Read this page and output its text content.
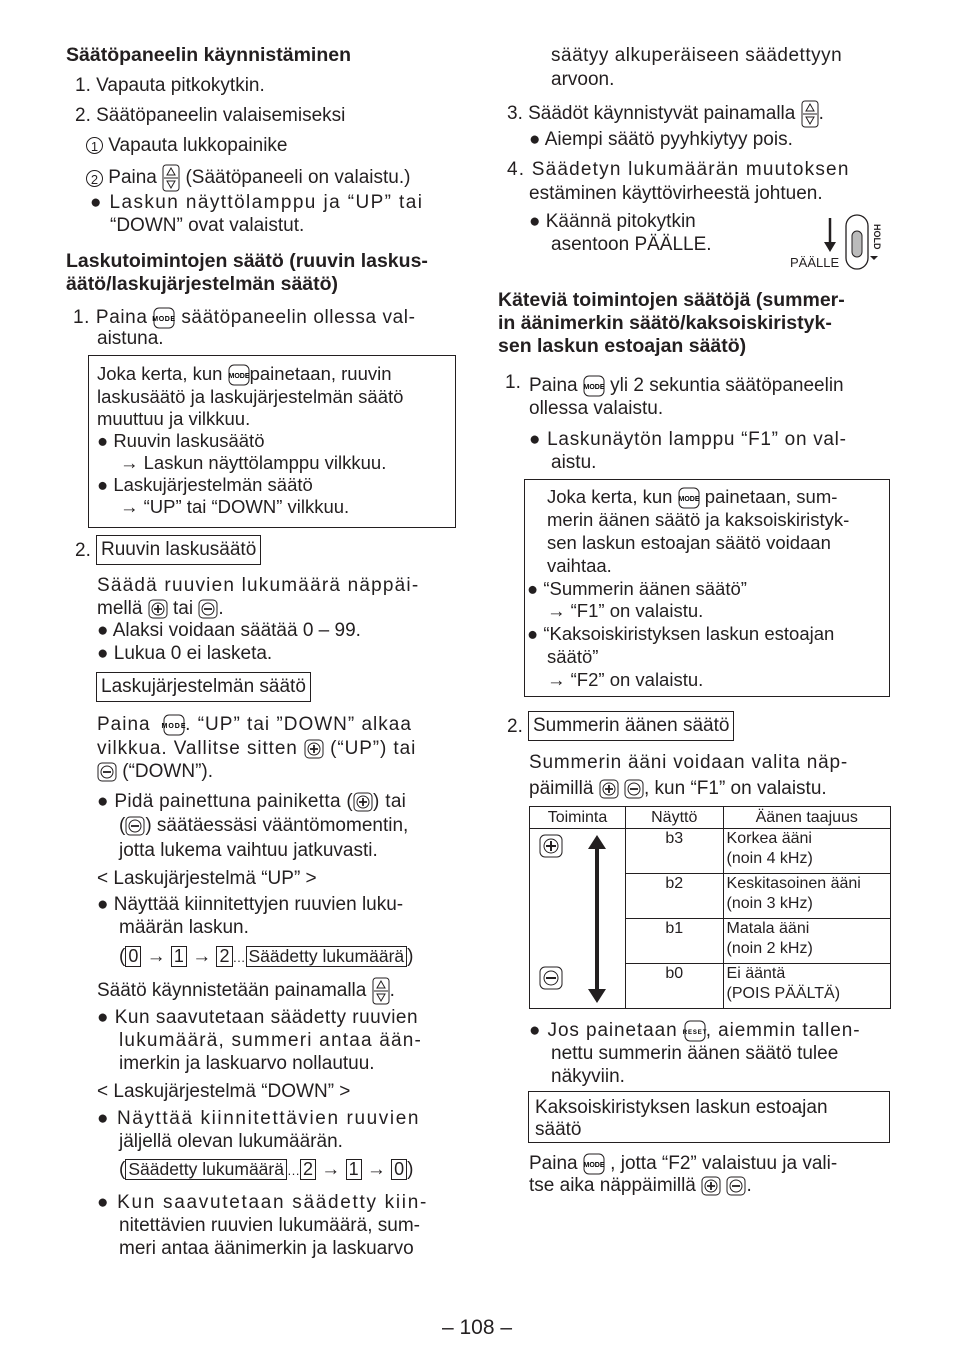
Säätöpaneelin käynnistäminen
1. Vapauta pitkokytkin.
2. Säätöpaneelin valaisemiseksi
1 Vapauta lukkopainike
2 Paina (Säätöpaneeli on valaistu.)
● Laskun näyttölamppu ja “UP” tai
“DOWN” ovat valaistut.
Laskutoimintojen säätö (ruuvin laskus-
äätö/laskujärjestelmän säätö)
1. Paina MODE säätöpaneelin ollessa val-
aistuna.
Joka kerta, kun MODE painetaan, ruuvin
laskusäätö ja laskujärjestelmän säätö
muuttuu ja vilkkuu.
● Ruuvin laskusäätö
→ Laskun näyttölamppu vilkkuu.
● Laskujärjestelmän säätö
→ “UP” tai “DOWN” vilkkuu.
2. Ruuvin laskusäätö
Säädä ruuvien lukumäärä näppäi-
mellä tai .
● Alaksi voidaan säätää 0 – 99.
● Lukua 0 ei lasketa.
Laskujärjestelmän säätö
Paina MODE
. “UP” tai ”DOWN” alkaa
vilkkua. Vallitse sitten (“UP”) tai
(“DOWN”).
● Pidä painettuna painiketta ( ) tai
( ) säätäessäsi vääntömomentin,
jotta lukema vaihtuu jatkuvasti.
< Laskujärjestelmä “UP” >
● Näyttää kiinnitettyjen ruuvien luku-
määrän laskun.
( 0 → 1 → 2 … Säädetty lukumäärä )
Säätö käynnistetään painamalla .
● Kun saavutetaan säädetty ruuvien
lukumäärä, summeri antaa ään-
imerkin ja laskuarvo nollautuu.
< Laskujärjestelmä “DOWN” >
● Näyttää kiinnitettävien ruuvien
jäljellä olevan lukumäärän.
( Säädetty lukumäärä … 2 → 1 → 0 )
● Kun saavutetaan säädetty kiin-
nitettävien ruuvien lukumäärä, sum-
meri antaa äänimerkin ja laskuarvo
säätyy alkuperäiseen säädettyyn
arvoon.
3. Säädöt käynnistyvät painamalla .
● Aiempi säätö pyyhkiytyy pois.
4. Säädetyn lukumäärän muutoksen
estäminen käyttövirheestä johtuen.
● Käännä pitokytkin
asentoon PÄÄLLE.
PÄÄLLE
HOLD
Käteviä toimintojen säätöjä (summer-
in äänimerkin säätö/kaksoiskiristyk-
sen laskun estoajan säätö)
1. Paina MODE yli 2 sekuntia säätöpaneelin
ollessa valaistu.
● Laskunäytön lamppu “F1” on val-
aistu.
Joka kerta, kun MODE painetaan, sum-
merin äänen säätö ja kaksoiskiristyk-
sen laskun estoajan säätö voidaan
vaihtaa.
● “Summerin äänen säätö”
→ “F1” on valaistu.
● “Kaksoiskiristyksen laskun estoajan
säätö”
→ “F2” on valaistu.
2. Summerin äänen säätö
Summerin ääni voidaan valita näp-
päimillä	, kun “F1” on valaistu.
Toiminta	Näyttö	Äänen taajuus

	b3	Korkea ääni
(noin 4 kHz)

	b2	Keskitasoinen ääni
(noin 3 kHz)

	b1	Matala ääni
(noin 2 kHz)

	b0	Ei ääntä
(POIS PÄÄLTÄ)
● Jos painetaan RESET
, aiemmin tallen-
nettu summerin äänen säätö tulee
näkyviin.
Kaksoiskiristyksen laskun estoajan
säätö
Paina MODE , jotta “F2” valaistuu ja vali-
tse aika näppäimillä	.
– 108 –
